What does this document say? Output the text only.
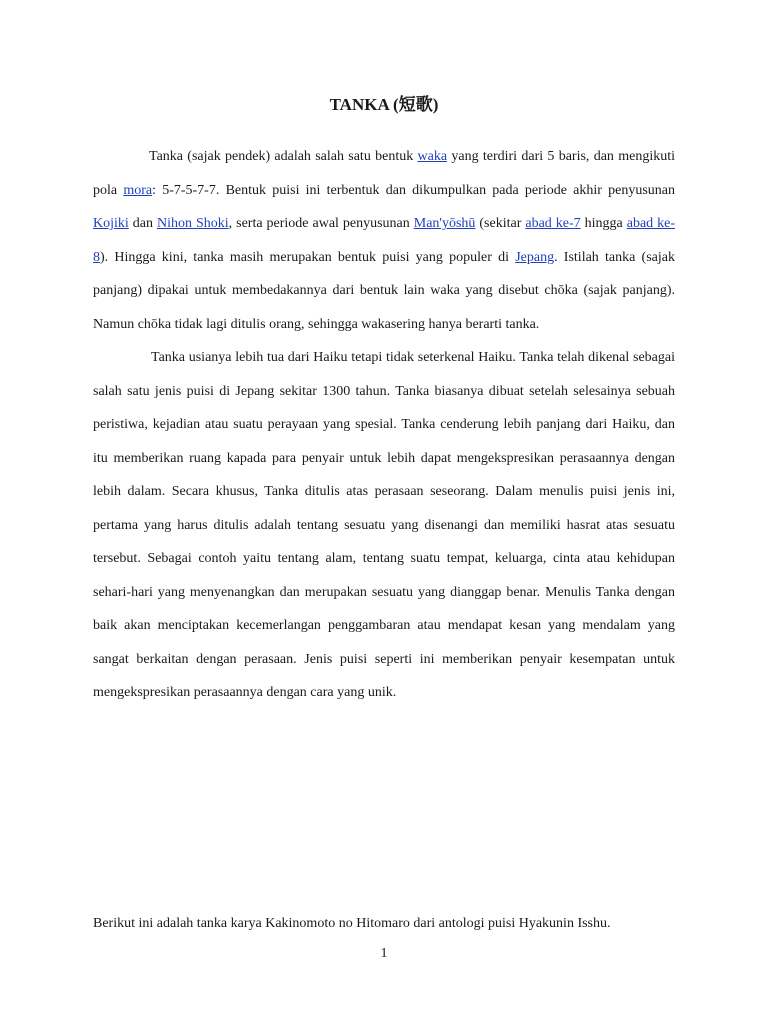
TANKA (短歌)

Tanka (sajak pendek) adalah salah satu bentuk waka yang terdiri dari 5 baris, dan mengikuti pola mora: 5-7-5-7-7. Bentuk puisi ini terbentuk dan dikumpulkan pada periode akhir penyusunan Kojiki dan Nihon Shoki, serta periode awal penyusunan Man'yōshū (sekitar abad ke-7 hingga abad ke-8). Hingga kini, tanka masih merupakan bentuk puisi yang populer di Jepang. Istilah tanka (sajak panjang) dipakai untuk membedakannya dari bentuk lain waka yang disebut chōka (sajak panjang). Namun chōka tidak lagi ditulis orang, sehingga wakasering hanya berarti tanka.

Tanka usianya lebih tua dari Haiku tetapi tidak seterkenal Haiku. Tanka telah dikenal sebagai salah satu jenis puisi di Jepang sekitar 1300 tahun. Tanka biasanya dibuat setelah selesainya sebuah peristiwa, kejadian atau suatu perayaan yang spesial. Tanka cenderung lebih panjang dari Haiku, dan itu memberikan ruang kapada para penyair untuk lebih dapat mengekspresikan perasaannya dengan lebih dalam. Secara khusus, Tanka ditulis atas perasaan seseorang. Dalam menulis puisi jenis ini, pertama yang harus ditulis adalah tentang sesuatu yang disenangi dan memiliki hasrat atas sesuatu tersebut. Sebagai contoh yaitu tentang alam, tentang suatu tempat, keluarga, cinta atau kehidupan sehari-hari yang menyenangkan dan merupakan sesuatu yang dianggap benar. Menulis Tanka dengan baik akan menciptakan kecemerlangan penggambaran atau mendapat kesan yang mendalam yang sangat berkaitan dengan perasaan. Jenis puisi seperti ini memberikan penyair kesempatan untuk mengekspresikan perasaannya dengan cara yang unik.

Berikut ini adalah tanka karya Kakinomoto no Hitomaro dari antologi puisi Hyakunin Isshu.

1
